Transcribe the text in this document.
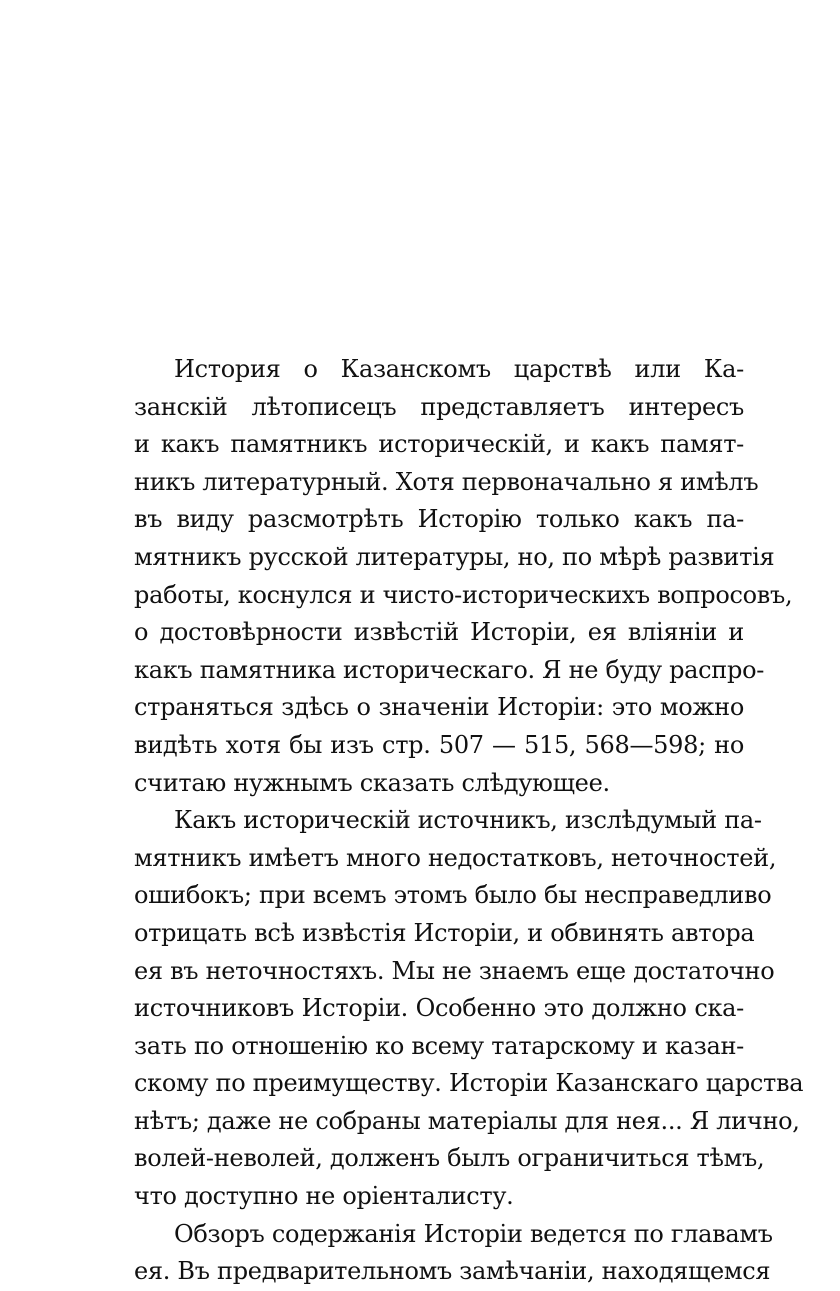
История о Казанскомъ царствѣ или Ка-
занскій лѣтописецъ представляетъ интересъ
и какъ памятникъ историческій, и какъ памят-
никъ литературный. Хотя первоначально я имѣлъ
въ виду разсмотрѣть Исторію только какъ па-
мятникъ русской литературы, но, по мѣрѣ развитія
работы, коснулся и чисто-историческихъ вопросовъ,
о достовѣрности извѣстій Исторіи, ея вліяніи и
какъ памятника историческаго. Я не буду распро-
страняться здѣсь о значеніи Исторіи: это можно
видѣть хотя бы изъ стр. 507 — 515, 568—598; но
считаю нужнымъ сказать слѣдующее.
Какъ историческій источникъ, изслѣдумый па-
мятникъ имѣетъ много недостатковъ, неточностей,
ошибокъ; при всемъ этомъ было бы несправедливо
отрицать всѣ извѣстія Исторіи, и обвинять автора
ея въ неточностяхъ. Мы не знаемъ еще достаточно
источниковъ Исторіи. Особенно это должно ска-
зать по отношенію ко всему татарскому и казан-
скому по преимуществу. Исторіи Казанскаго царства
нѣтъ; даже не собраны матеріалы для нея... Я лично,
волей-неволей, долженъ былъ ограничиться тѣмъ,
что доступно не оріенталисту.
Обзоръ содержанія Исторіи ведется по главамъ
ея. Въ предварительномъ замѣчаніи, находящемся
